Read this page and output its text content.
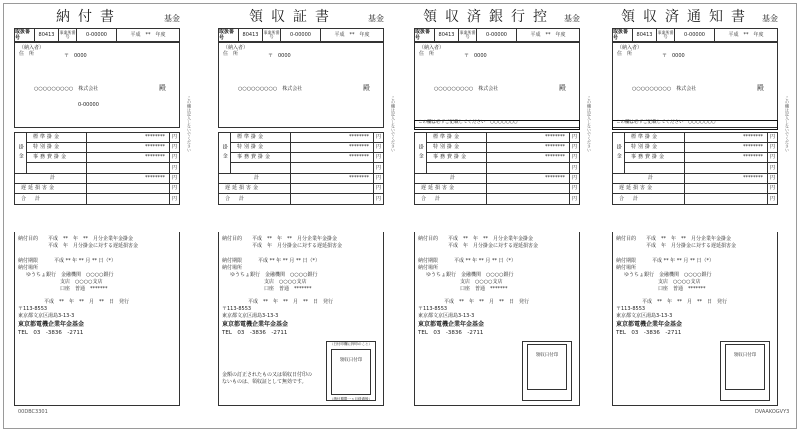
納付書	基金
取扱番号
80413	事業所番号	0-00000	平成　**　年度
（納入者）
住　所	〒　0000
○○○○○○○○○　株式会社	殿
0-00000
掛金
標準掛金	********	円
特別掛金	********	円
事務費掛金	********	円
円
計	********	円
遅延損害金	円
合　計	円
納付目的 平成　**　年　**　月分企業年金掛金
平成　年　月分掛金に対する遅延損害金
納付期限	平成 ** 年 ** 月 ** 日（*）
納付場所
ゆうちょ銀行　金融機関　○○○○銀行
支店　○○○○支店
口座　普通　*******
平成　**　年　**　月　**　日　発行
〒113-8553
東京都文京区湯島3-13-3
東京都電機企業年金基金
TEL　03　-3836　-2711
この欄は記入しないでください
領収証書	基金
取扱番号
80413	事業所番号	0-00000	平成　**　年度
（納入者）
住　所	〒　0000
○○○○○○○○○　株式会社	殿
掛金
標準掛金	********	円
特別掛金	********	円
事務費掛金	********	円
円
計	********	円
遅延損害金	円
合　計	円
納付目的 平成　**　年　**　月分企業年金掛金
平成　年　月分掛金に対する遅延損害金
納付期限	平成 ** 年 ** 月 ** 日（*）
納付場所
ゆうちょ銀行　金融機関　○○○○銀行
支店　○○○○支店
口座　普通　*******
平成　**　年　**　月　**　日　発行
〒113-8553
東京都文京区湯島3-13-3
東京都電機企業年金基金
TEL　03　-3836　-2711
（日付印欄に押印のこと）
領収日付印
（納付期限一ヵ月経過後）
金額の訂正されたもの又は領収日付印のないものは、領収証として無効です。
この欄は記入しないでください
領収済銀行控	基金
取扱番号
80413	事業所番号	0-00000	平成　**　年度
（納入者）
住　所	〒　0000
○○○○○○○○○　株式会社	殿
この欄は必ずご記載してください　○○○○○○○
掛金
標準掛金	********	円
特別掛金	********	円
事務費掛金	********	円
円
計	********	円
遅延損害金	円
合　計	円
納付目的 平成　**　年　**　月分企業年金掛金
平成　年　月分掛金に対する遅延損害金
納付期限	平成 ** 年 ** 月 ** 日（*）
納付場所
ゆうちょ銀行　金融機関　○○○○銀行
支店　○○○○支店
口座　普通　*******
平成　**　年　**　月　**　日　発行
〒113-8553
東京都文京区湯島3-13-3
東京都電機企業年金基金
TEL　03　-3836　-2711
領収日付印
この欄は記入しないでください
領収済通知書	基金
取扱番号
80413	事業所番号	0-00000	平成　**　年度
（納入者）
住　所	〒　0000
○○○○○○○○○　株式会社	殿
この欄は必ずご記載してください　○○○○○○○
掛金
標準掛金	********	円
特別掛金	********	円
事務費掛金	********	円
円
計	********	円
遅延損害金	円
合　計	円
納付目的 平成　**　年　**　月分企業年金掛金
平成　年　月分掛金に対する遅延損害金
納付期限	平成 ** 年 ** 月 ** 日（*）
納付場所
ゆうちょ銀行　金融機関　○○○○銀行
支店　○○○○支店
口座　普通　*******
平成　**　年　**　月　**　日　発行
〒113-8553
東京都文京区湯島3-13-3
東京都電機企業年金基金
TEL　03　-3836　-2711
領収日付印
この欄は記入しないでください
00DBC3301	DVAAKOGVY3
